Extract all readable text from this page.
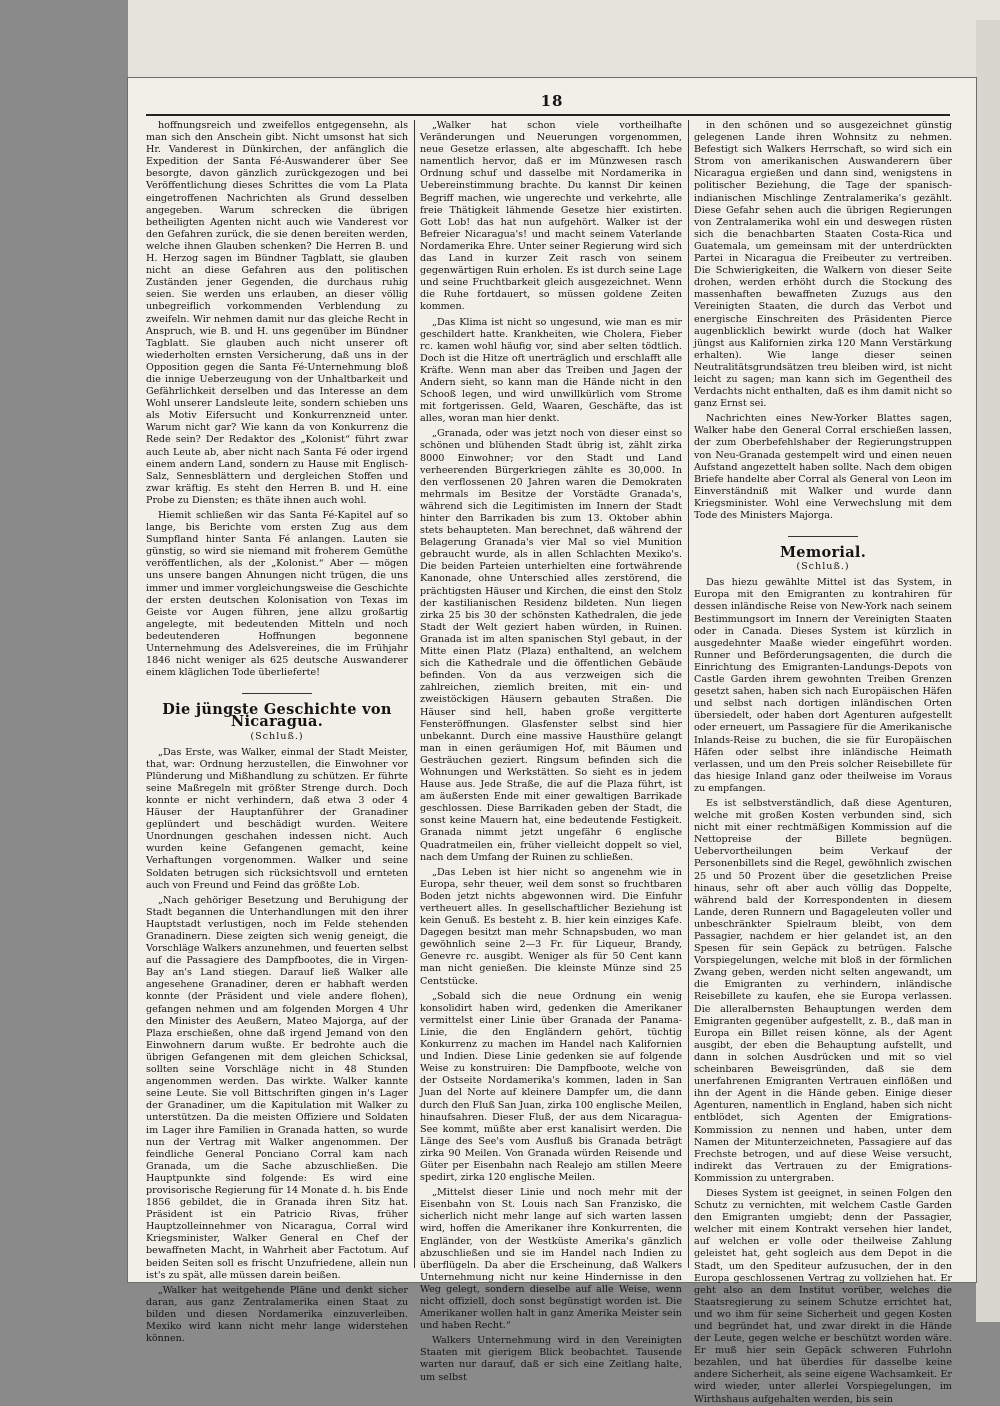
18

hoffnungsreich und zweifellos entgegensehn, als man sich den Anschein gibt. Nicht umsonst hat sich Hr. Vanderest in Dünkirchen, der anfänglich die Expedition der Santa Fé-Auswanderer über See besorgte, davon gänzlich zurückgezogen und bei Veröffentlichung dieses Schrittes die vom La Plata eingetroffenen Nachrichten als Grund desselben angegeben. Warum schrecken die übrigen betheiligten Agenten nicht auch wie Vanderest vor den Gefahren zurück, die sie denen bereiten werden, welche ihnen Glauben schenken? Die Herren B. und H. Herzog sagen im Bündner Tagblatt, sie glauben nicht an diese Gefahren aus den politischen Zuständen jener Gegenden, die durchaus ruhig seien. Sie werden uns erlauben, an dieser völlig unbegreiflich vorkommenden Verblendung zu zweifeln. Wir nehmen damit nur das gleiche Recht in Anspruch, wie B. und H. uns gegenüber im Bündner Tagblatt. Sie glauben auch nicht unserer oft wiederholten ernsten Versicherung, daß uns in der Opposition gegen die Santa Fé-Unternehmung bloß die innige Ueberzeugung von der Unhaltbarkeit und Gefährlichkeit derselben und das Interesse an dem Wohl unserer Landsleute leite, sondern schieben uns als Motiv Eifersucht und Konkurrenzneid unter. Warum nicht gar? Wie kann da von Konkurrenz die Rede sein? Der Redaktor des „Kolonist“ führt zwar auch Leute ab, aber nicht nach Santa Fé oder irgend einem andern Land, sondern zu Hause mit Englisch-Salz, Sennesblättern und dergleichen Stoffen und zwar kräftig. Es steht den Herren B. und H. eine Probe zu Diensten; es thäte ihnen auch wohl.

Hiemit schließen wir das Santa Fé-Kapitel auf so lange, bis Berichte vom ersten Zug aus dem Sumpfland hinter Santa Fé anlangen. Lauten sie günstig, so wird sie niemand mit froherem Gemüthe veröffentlichen, als der „Kolonist.“ Aber — mögen uns unsere bangen Ahnungen nicht trügen, die uns immer und immer vorgleichungsweise die Geschichte der ersten deutschen Kolonisation von Texas im Geiste vor Augen führen, jene allzu großartig angelegte, mit bedeutenden Mitteln und noch bedeutenderen Hoffnungen begonnene Unternehmung des Adelsvereines, die im Frühjahr 1846 nicht weniger als 625 deutsche Auswanderer einem kläglichen Tode überlieferte!

Die jüngste Geschichte von Nicaragua.
(Schluß.)

„Das Erste, was Walker, einmal der Stadt Meister, that, war: Ordnung herzustellen, die Einwohner vor Plünderung und Mißhandlung zu schützen. Er führte seine Maßregeln mit größter Strenge durch. Doch konnte er nicht verhindern, daß etwa 3 oder 4 Häuser der Hauptanführer der Granadiner geplündert und beschädigt wurden. Weitere Unordnungen geschahen indessen nicht. Auch wurden keine Gefangenen gemacht, keine Verhaftungen vorgenommen. Walker und seine Soldaten betrugen sich rücksichtsvoll und ernteten auch von Freund und Feind das größte Lob.

„Nach gehöriger Besetzung und Beruhigung der Stadt begannen die Unterhandlungen mit den ihrer Hauptstadt verlustigen, noch im Felde stehenden Granadinern. Diese zeigten sich wenig geneigt, die Vorschläge Walkers anzunehmen, und feuerten selbst auf die Passagiere des Dampfbootes, die in Virgen-Bay an's Land stiegen. Darauf ließ Walker alle angesehene Granadiner, deren er habhaft werden konnte (der Präsident und viele andere flohen), gefangen nehmen und am folgenden Morgen 4 Uhr den Minister des Aeußern, Mateo Majorga, auf der Plaza erschießen, ohne daß irgend Jemand von den Einwohnern darum wußte. Er bedrohte auch die übrigen Gefangenen mit dem gleichen Schicksal, sollten seine Vorschläge nicht in 48 Stunden angenommen werden. Das wirkte. Walker kannte seine Leute. Sie voll Bittschriften gingen in's Lager der Granadiner, um die Kapitulation mit Walker zu unterstützen. Da die meisten Offiziere und Soldaten im Lager ihre Familien in Granada hatten, so wurde nun der Vertrag mit Walker angenommen. Der feindliche General Ponciano Corral kam nach Granada, um die Sache abzuschließen. Die Hauptpunkte sind folgende: Es wird eine provisorische Regierung für 14 Monate d. h. bis Ende 1856 gebildet, die in Granada ihren Sitz hat. Präsident ist ein Patricio Rivas, früher Hauptzolleinnehmer von Nicaragua, Corral wird Kriegsminister, Walker General en Chef der bewaffneten Macht, in Wahrheit aber Factotum. Auf beiden Seiten soll es frischt Unzufriedene, allein nun ist's zu spät, alle müssen darein beißen.

„Walker hat weitgehende Pläne und denkt sicher daran, aus ganz Zentralamerika einen Staat zu bilden und diesen Nordamerika einzuverleiben. Mexiko wird kann nicht mehr lange widerstehen können.

„Walker hat schon viele vortheilhafte Veränderungen und Neuerungen vorgenommen, neue Gesetze erlassen, alte abgeschafft. Ich hebe namentlich hervor, daß er im Münzwesen rasch Ordnung schuf und dasselbe mit Nordamerika in Uebereinstimmung brachte. Du kannst Dir keinen Begriff machen, wie ungerechte und verkehrte, alle freie Thätigkeit lähmende Gesetze hier existirten. Gott Lob! das hat nun aufgehört. Walker ist der Befreier Nicaragua's! und macht seinem Vaterlande Nordamerika Ehre. Unter seiner Regierung wird sich das Land in kurzer Zeit rasch von seinem gegenwärtigen Ruin erholen. Es ist durch seine Lage und seine Fruchtbarkeit gleich ausgezeichnet. Wenn die Ruhe fortdauert, so müssen goldene Zeiten kommen.

„Das Klima ist nicht so ungesund, wie man es mir geschildert hatte. Krankheiten, wie Cholera, Fieber rc. kamen wohl häufig vor, sind aber selten tödtlich. Doch ist die Hitze oft unerträglich und erschlafft alle Kräfte. Wenn man aber das Treiben und Jagen der Andern sieht, so kann man die Hände nicht in den Schooß legen, und wird unwillkürlich vom Strome mit fortgerissen. Geld, Waaren, Geschäfte, das ist alles, woran man hier denkt.

„Granada, oder was jetzt noch von dieser einst so schönen und blühenden Stadt übrig ist, zählt zirka 8000 Einwohner; vor den Stadt und Land verheerenden Bürgerkriegen zählte es 30,000. In den verflossenen 20 Jahren waren die Demokraten mehrmals im Besitze der Vorstädte Granada's, während sich die Legitimisten im Innern der Stadt hinter den Barrikaden bis zum 13. Oktober abhin stets behaupteten. Man berechnet, daß während der Belagerung Granada's vier Mal so viel Munition gebraucht wurde, als in allen Schlachten Mexiko's. Die beiden Parteien unterhielten eine fortwährende Kanonade, ohne Unterschied alles zerstörend, die prächtigsten Häuser und Kirchen, die einst den Stolz der kastilianischen Residenz bildeten. Nun liegen zirka 25 bis 30 der schönsten Kathedralen, die jede Stadt der Welt geziert haben würden, in Ruinen. Granada ist im alten spanischen Styl gebaut, in der Mitte einen Platz (Plaza) enthaltend, an welchem sich die Kathedrale und die öffentlichen Gebäude befinden. Von da aus verzweigen sich die zahlreichen, ziemlich breiten, mit ein- und zweistöckigen Häusern gebauten Straßen. Die Häuser sind hell, haben große vergitterte Fensteröffnungen. Glasfenster selbst sind hier unbekannt. Durch eine massive Hausthüre gelangt man in einen geräumigen Hof, mit Bäumen und Gesträuchen geziert. Ringsum befinden sich die Wohnungen und Werkstätten. So sieht es in jedem Hause aus. Jede Straße, die auf die Plaza führt, ist am äußersten Ende mit einer gewaltigen Barrikade geschlossen. Diese Barrikaden geben der Stadt, die sonst keine Mauern hat, eine bedeutende Festigkeit. Granada nimmt jetzt ungefähr 6 englische Quadratmeilen ein, früher vielleicht doppelt so viel, nach dem Umfang der Ruinen zu schließen.

„Das Leben ist hier nicht so angenehm wie in Europa, sehr theuer, weil dem sonst so fruchtbaren Boden jetzt nichts abgewonnen wird. Die Einfuhr vertheuert alles. In gesellschaftlicher Beziehung ist kein Genuß. Es besteht z. B. hier kein einziges Kafe. Dagegen besitzt man mehr Schnapsbuden, wo man gewöhnlich seine 2—3 Fr. für Liqueur, Brandy, Genevre rc. ausgibt. Weniger als für 50 Cent kann man nicht genießen. Die kleinste Münze sind 25 Centstücke.

„Sobald sich die neue Ordnung ein wenig konsolidirt haben wird, gedenken die Amerikaner vermittelst einer Linie über Granada der Panama-Linie, die den Engländern gehört, tüchtig Konkurrenz zu machen im Handel nach Kalifornien und Indien. Diese Linie gedenken sie auf folgende Weise zu konstruiren: Die Dampfboote, welche von der Ostseite Nordamerika's kommen, laden in San Juan del Norte auf kleinere Dampfer um, die dann durch den Fluß San Juan, zirka 100 englische Meilen, hinaufsahren. Dieser Fluß, der aus dem Nicaragua-See kommt, müßte aber erst kanalisirt werden. Die Länge des See's vom Ausfluß bis Granada beträgt zirka 90 Meilen. Von Granada würden Reisende und Güter per Eisenbahn nach Realejo am stillen Meere spedirt, zirka 120 englische Meilen.

„Mittelst dieser Linie und noch mehr mit der Eisenbahn von St. Louis nach San Franzisko, die sicherlich nicht mehr lange auf sich warten lassen wird, hoffen die Amerikaner ihre Konkurrenten, die Engländer, von der Westküste Amerika's gänzlich abzuschließen und sie im Handel nach Indien zu überflügeln. Da aber die Erscheinung, daß Walkers Unternehmung nicht nur keine Hindernisse in den Weg gelegt, sondern dieselbe auf alle Weise, wenn nicht offiziell, doch sonst begünstigt worden ist. Die Amerikaner wollen halt in ganz Amerika Meister sein und haben Recht.“

Walkers Unternehmung wird in den Vereinigten Staaten mit gierigem Blick beobachtet. Tausende warten nur darauf, daß er sich eine Zeitlang halte, um selbst

in den schönen und so ausgezeichnet günstig gelegenen Lande ihren Wohnsitz zu nehmen. Befestigt sich Walkers Herrschaft, so wird sich ein Strom von amerikanischen Auswanderern über Nicaragua ergießen und dann sind, wenigstens in politischer Beziehung, die Tage der spanisch-indianischen Mischlinge Zentralamerika's gezählt. Diese Gefahr sehen auch die übrigen Regierungen von Zentralamerika wohl ein und deswegen rüsten sich die benachbarten Staaten Costa-Rica und Guatemala, um gemeinsam mit der unterdrückten Partei in Nicaragua die Freibeuter zu vertreiben. Die Schwierigkeiten, die Walkern von dieser Seite drohen, werden erhöht durch die Stockung des massenhaften bewaffneten Zuzugs aus den Vereinigten Staaten, die durch das Verbot und energische Einschreiten des Präsidenten Pierce augenblicklich bewirkt wurde (doch hat Walker jüngst aus Kalifornien zirka 120 Mann Verstärkung erhalten). Wie lange dieser seinen Neutralitätsgrundsätzen treu bleiben wird, ist nicht leicht zu sagen; man kann sich im Gegentheil des Verdachts nicht enthalten, daß es ihm damit nicht so ganz Ernst sei.

Nachrichten eines New-Yorker Blattes sagen, Walker habe den General Corral erschießen lassen, der zum Oberbefehlshaber der Regierungstruppen von Neu-Granada gestempelt wird und einen neuen Aufstand angezettelt haben sollte. Nach dem obigen Briefe handelte aber Corral als General von Leon im Einverständniß mit Walker und wurde dann Kriegsminister. Wohl eine Verwechslung mit dem Tode des Ministers Majorga.

Memorial.
(Schluß.)

Das hiezu gewählte Mittel ist das System, in Europa mit den Emigranten zu kontrahiren für dessen inländische Reise von New-York nach seinem Bestimmungsort im Innern der Vereinigten Staaten oder in Canada. Dieses System ist kürzlich in ausgedehnter Maaße wieder eingeführt worden. Runner und Beförderungsagenten, die durch die Einrichtung des Emigranten-Landungs-Depots von Castle Garden ihrem gewohnten Treiben Grenzen gesetzt sahen, haben sich nach Europäischen Häfen und selbst nach dortigen inländischen Orten übersiedelt, oder haben dort Agenturen aufgestellt oder erneuert, um Passagiere für die Amerikanische Inlands-Reise zu buchen, die sie für Europäischen Häfen oder selbst ihre inländische Heimath verlassen, und um den Preis solcher Reisebillete für das hiesige Inland ganz oder theilweise im Voraus zu empfangen.

Es ist selbstverständlich, daß diese Agenturen, welche mit großen Kosten verbunden sind, sich nicht mit einer rechtmäßigen Kommission auf die Nettopreise der Billete begnügen. Uebervortheilungen beim Verkauf der Personenbillets sind die Regel, gewöhnlich zwischen 25 und 50 Prozent über die gesetzlichen Preise hinaus, sehr oft aber auch völlig das Doppelte, während bald der Korrespondenten in diesem Lande, deren Runnern und Bagageleuten voller und unbeschränkter Spielraum bleibt, von dem Passagier, nachdem er hier gelandet ist, an den Spesen für sein Gepäck zu betrügen. Falsche Vorspiegelungen, welche mit bloß in der förmlichen Zwang geben, werden nicht selten angewandt, um die Emigranten zu verhindern, inländische Reisebillete zu kaufen, ehe sie Europa verlassen. Die alleralbernsten Behauptungen werden dem Emigranten gegenüber aufgestellt, z. B., daß man in Europa ein Billet reisen könne, als der Agent ausgibt, der eben die Behauptung aufstellt, und dann in solchen Ausdrücken und mit so viel scheinbaren Beweisgründen, daß sie dem unerfahrenen Emigranten Vertrauen einflößen und ihn der Agent in die Hände geben. Einige dieser Agenturen, namentlich in England, haben sich nicht entblödet, sich Agenten der Emigrations-Kommission zu nennen und haben, unter dem Namen der Mitunterzeichneten, Passagiere auf das Frechste betrogen, und auf diese Weise versucht, indirekt das Vertrauen zu der Emigrations-Kommission zu untergraben.

Dieses System ist geeignet, in seinen Folgen den Schutz zu vernichten, mit welchem Castle Garden den Emigranten umgiebt; denn der Passagier, welcher mit einem Kontrakt versehen hier landet, auf welchen er volle oder theilweise Zahlung geleistet hat, geht sogleich aus dem Depot in die Stadt, um den Spediteur aufzusuchen, der in den Europa geschlossenen Vertrag zu vollziehen hat. Er geht also an dem Institut vorüber, welches die Staatsregierung zu seinem Schutze errichtet hat, und wo ihm für seine Sicherheit und gegen Kosten und begründet hat, und zwar direkt in die Hände der Leute, gegen welche er beschützt worden wäre. Er muß hier sein Gepäck schweren Fuhrlohn bezahlen, und hat überdies für dasselbe keine andere Sicherheit, als seine eigene Wachsamkeit. Er wird wieder, unter allerlei Vorspiegelungen, im Wirthshaus aufgehalten werden, bis sein
